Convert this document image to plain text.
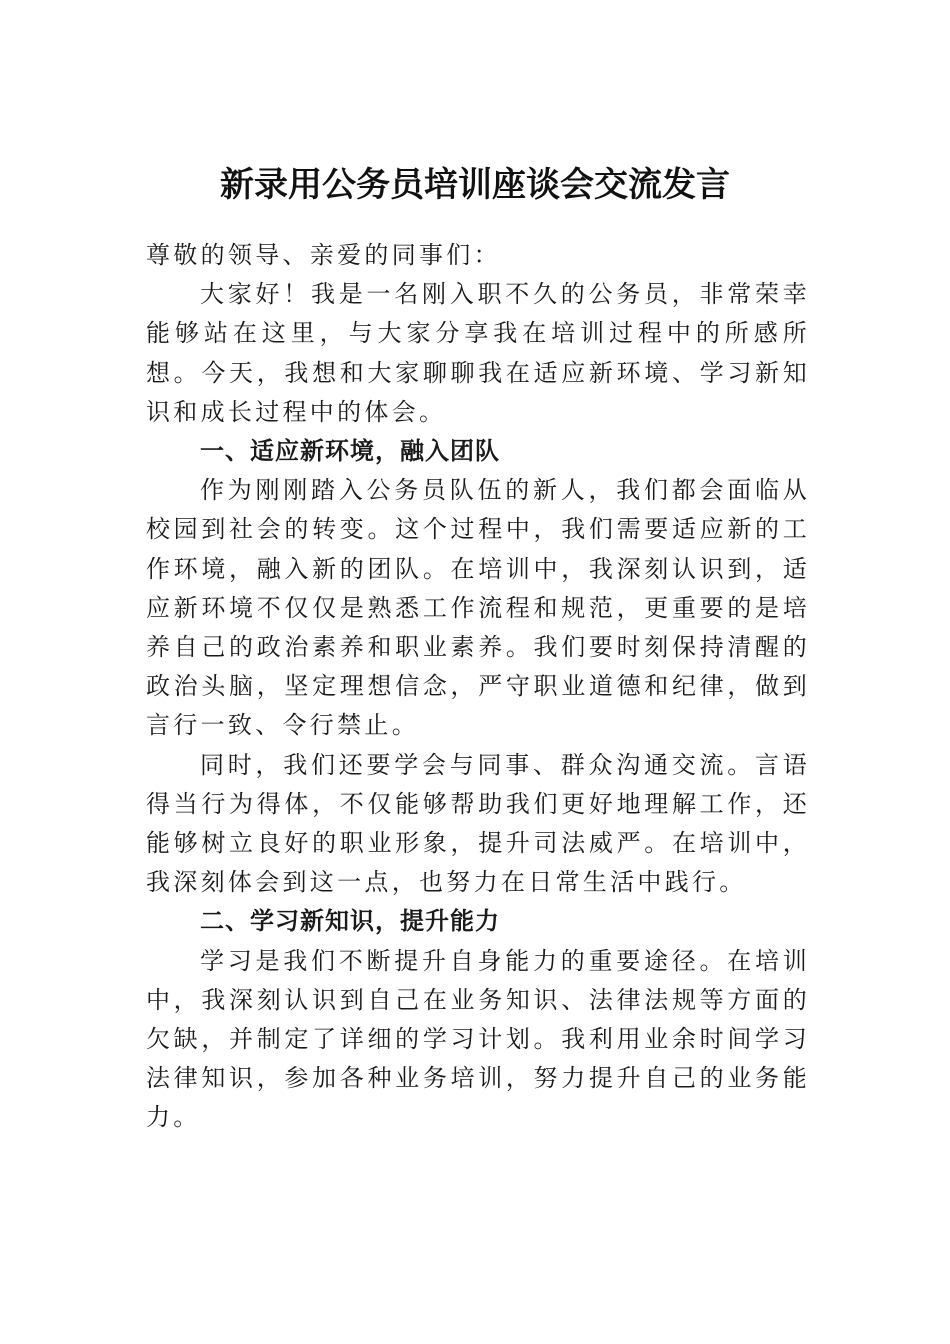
新录用公务员培训座谈会交流发言

尊敬的领导、亲爱的同事们：

大家好！我是一名刚入职不久的公务员，非常荣幸能够站在这里，与大家分享我在培训过程中的所感所想。今天，我想和大家聊聊我在适应新环境、学习新知识和成长过程中的体会。

一、适应新环境，融入团队

作为刚刚踏入公务员队伍的新人，我们都会面临从校园到社会的转变。这个过程中，我们需要适应新的工作环境，融入新的团队。在培训中，我深刻认识到，适应新环境不仅仅是熟悉工作流程和规范，更重要的是培养自己的政治素养和职业素养。我们要时刻保持清醒的政治头脑，坚定理想信念，严守职业道德和纪律，做到言行一致、令行禁止。

同时，我们还要学会与同事、群众沟通交流。言语得当行为得体，不仅能够帮助我们更好地理解工作，还能够树立良好的职业形象，提升司法威严。在培训中，我深刻体会到这一点，也努力在日常生活中践行。

二、学习新知识，提升能力

学习是我们不断提升自身能力的重要途径。在培训中，我深刻认识到自己在业务知识、法律法规等方面的欠缺，并制定了详细的学习计划。我利用业余时间学习法律知识，参加各种业务培训，努力提升自己的业务能力。
